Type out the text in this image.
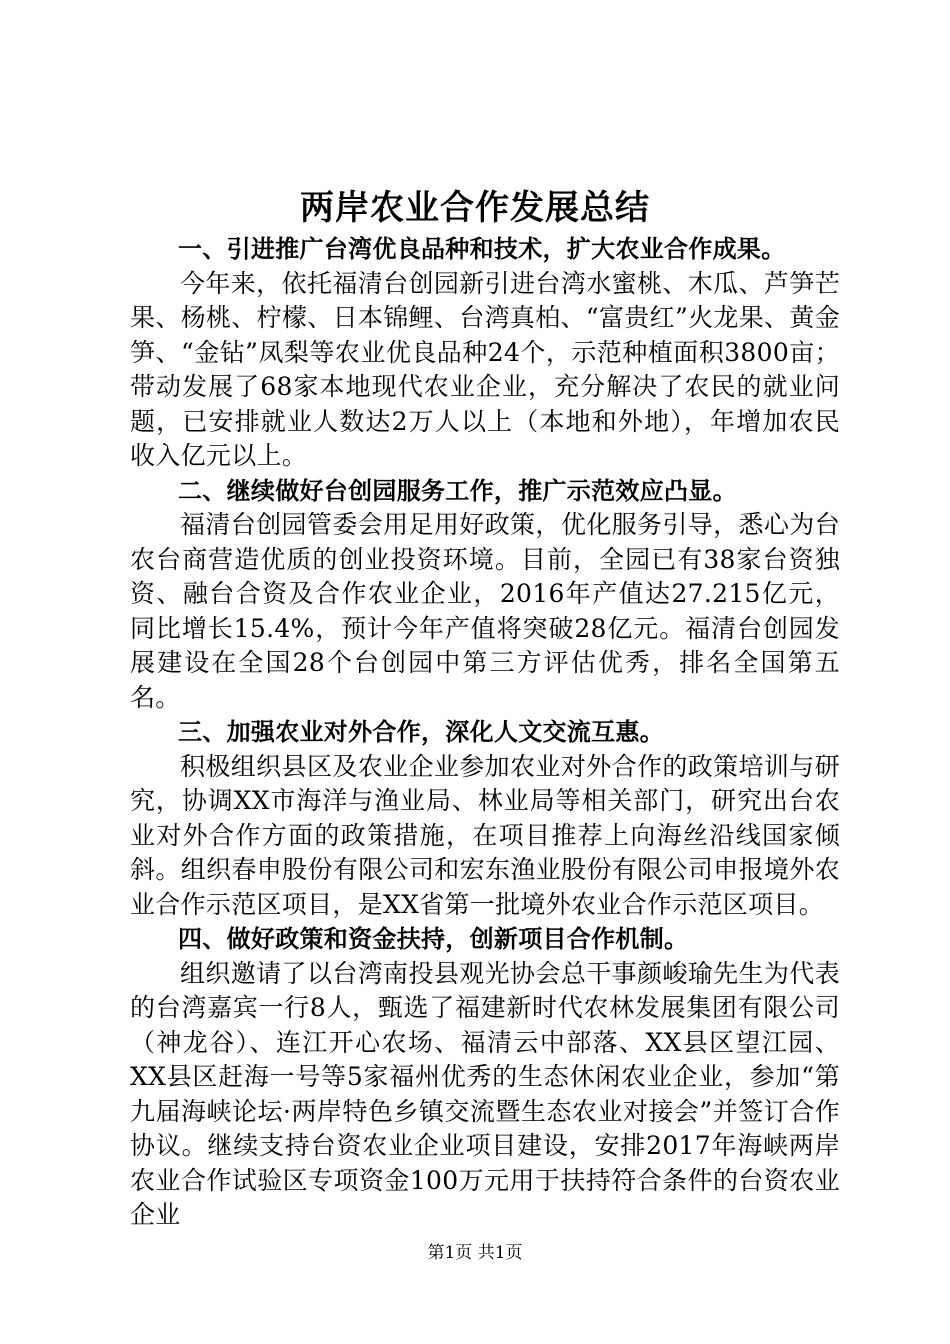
两岸农业合作发展总结
一、引进推广台湾优良品种和技术，扩大农业合作成果。

今年来，依托福清台创园新引进台湾水蜜桃、木瓜、芦笋芒果、杨桃、柠檬、日本锦鲤、台湾真柏、“富贵红”火龙果、黄金笋、“金钻”凤梨等农业优良品种24个，示范种植面积3800亩；带动发展了68家本地现代农业企业，充分解决了农民的就业问题，已安排就业人数达2万人以上（本地和外地），年增加农民收入亿元以上。

二、继续做好台创园服务工作，推广示范效应凸显。

福清台创园管委会用足用好政策，优化服务引导，悉心为台农台商营造优质的创业投资环境。目前，全园已有38家台资独资、融台合资及合作农业企业，2016年产值达27.215亿元，同比增长15.4%，预计今年产值将突破28亿元。福清台创园发展建设在全国28个台创园中第三方评估优秀，排名全国第五名。

三、加强农业对外合作，深化人文交流互惠。

积极组织县区及农业企业参加农业对外合作的政策培训与研究，协调XX市海洋与渔业局、林业局等相关部门，研究出台农业对外合作方面的政策措施，在项目推荐上向海丝沿线国家倾斜。组织春申股份有限公司和宏东渔业股份有限公司申报境外农业合作示范区项目，是XX省第一批境外农业合作示范区项目。

四、做好政策和资金扶持，创新项目合作机制。

组织邀请了以台湾南投县观光协会总干事颜峻瑜先生为代表的台湾嘉宾一行8人，甄选了福建新时代农林发展集团有限公司（神龙谷）、连江开心农场、福清云中部落、XX县区望江园、XX县区赶海一号等5家福州优秀的生态休闲农业企业，参加“第九届海峡论坛·两岸特色乡镇交流暨生态农业对接会”并签订合作协议。继续支持台资农业企业项目建设，安排2017年海峡两岸农业合作试验区专项资金100万元用于扶持符合条件的台资农业企业

第1页 共1页
